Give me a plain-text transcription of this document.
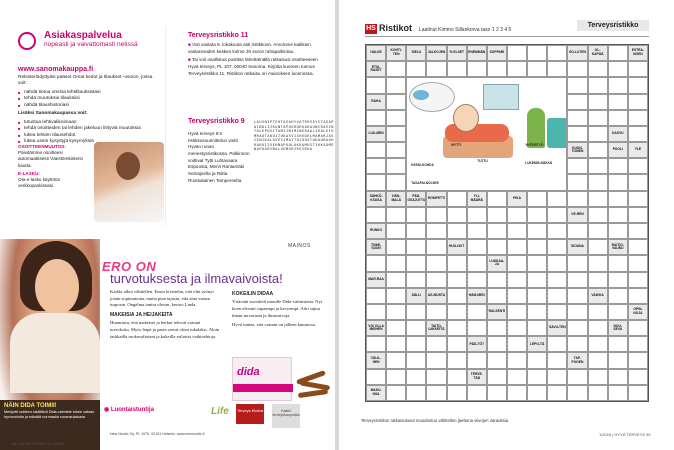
Asiakaspalvelua
nopeasti ja vaivattomasti netissä
www.sanomakauppa.fi
Rekisteröidyttyäsi pääset Omat tiedot ja tilaukset -osioon, jossa voit:
■ nähdä tietoa omista lehtitilauksistasi
■ tehdä muutoksia tilauksiisi
■ nähdä tilaushistoriasi
Lisäksi Sanomakaupassa voit:
■ tutustua lehtivalikoimaan
■ tehdä osoitteiden tai lehden jakeluun liittyviä muutoksia
■ lukea lehtien tilausehdot
■ lukea usein kysyttyjä kysymyksiä
OSOITTEENMUUTOS:
Päivitämme osoitteesi automaattisesti Väestörekisterin kautta.
E-LASKU:
Ota e-lasku käyttöön verkkopankissasi.
Terveysristikko 11
■ Voit vastata 6. lokakuuta asti ristikkoon. Arvomme kaikkien vastanneiden kesken kolme 20 euron rahapalkintoa.
■ Tai voit osallistua postitse lähettämällä ratkaisusi osoitteeseen Hyvä terveys, PL 107, 00040 Sanoma. Kirjoita kuoreen tunnus Terveysristikko 11. Ristikon ratkaisu on mainoksen luonnossa.
Terveysristikko 9
Hyvä terveys 9:n ristikkosuunnittelun voitti Hyvän ruoan menestysristikossa. Palkinnon voittivat Tytti Luhtavaara Espoosta, Mervi Rantamäki Seinäjoelta ja Riitta Ruotsalainen Tampereelta.
LAUSNIPTEHTAVAHYVATERVEYSTASAPAINOLIIKUNTAPUURORUOKAUNIRAVINTOLEPOVITAMIINIMINERAALIKALSIUMRAUTAKUITUKASVISHEDELMAMARJASIENIKALAVESIMAITOJUUSTOKAURAOHRARUISVEHNAPUOLUKKAMUSTIKKAOMENAPAARYNALUUMUKIRSIKKA
NÄIN DIDA TOIMII!
Mesiyrtti uutteen sisältävä Dida-valmiste tukee vatsan hyvinvointia ja edistää normaalia ruoansulatusta.
MAINOS
ERO ON
turvotuksesta ja ilmavaivoista!

Kaikki alkoi vähitellen. Ensin kivistelin, että olin syönyt jotain sopimatonta, mutta pian tajusin, että aina vatsan turposin. Ongelma tuntui olevan, kertoo Linda.

MAKEISIA JA HEIJAKEITA

Huomasin, että makeiset ja herkut tekivät vatsani turvoksiin. Myös leipä ja pasta saivat oloni tukalaksi. Aloin tarkkailla ruokavaliotani ja kokeilla erilaisia vaihtoehtoja.

KOKEILIN DIDAA

Ystäväni suositteli minulle Dida-valmistetta. Nyt koen olevani vapaampi ja kevyempi. Arki sujuu ilman turvotusta ja ilmavaivoja.

Hyvä tuntea, että vatsani on jälleen kunnossa.

dida
◉ Luontaistuntija	Life Terveys Ekstra	Kaikki terveyskaupoista
New Nordic Oy, PL 1075, 00101 Helsinki, www.newnordic.fi
94 | HYVÄ TERVEYS 1/2016
HS Ristikot Laatinut Kimmo Sillankorva taso 1 2 3 4 5
Terveysristikko
HALKE	KOHTI-TEN	SIELU	JALKOJEN	YLEI-SET	ENEMMÄN	SOPPARI	SO-LUTEN	OL-KAPÄÄ
ESTRA-NGEN
ETIS-RASET
RAHA
LUU-MEN	KASVU
KUUN-TOMEN	PUOLI	YLE
SÄHKÖ-KSUSA
HÄN-MALÄ
PÄÄ-OSAJUTTU ROMPETTI	YLI-MÄÄRÄ	PIKA
VE-REN
RUNKO
TOIMI-SUUN	HUU-NOT	SIOUNA	RAITIO-VAUNU
LUKKAA-JA
MAR-RAA
SÄLLI	AS-MUSTA	HÄM-MEN	VAIKKA
RAI-SENTI	OPIN-NOJA
VOI OLLA MIEHEN
TAITO-LIIKKEITÄ	SAVU-TEN	NOU-SEVA
PÄÄ-TÖT	LEPO-TÄ
VÄLIL-HEN
TAP-POGEN
TERVE-TÄÄ
MAKU-NSA
MYTTI
KESKI-KOHDA
TASAPAI-NOLIIKE
TUTTU	LUKEMIS-NÄKKÄ
YHTEISTYÖ
Terveysristikon ratkaisuluvut muodostuu vähitellen jaettuna viivojen varauksia
1/2016 | HYVÄ TERVEYS 95
